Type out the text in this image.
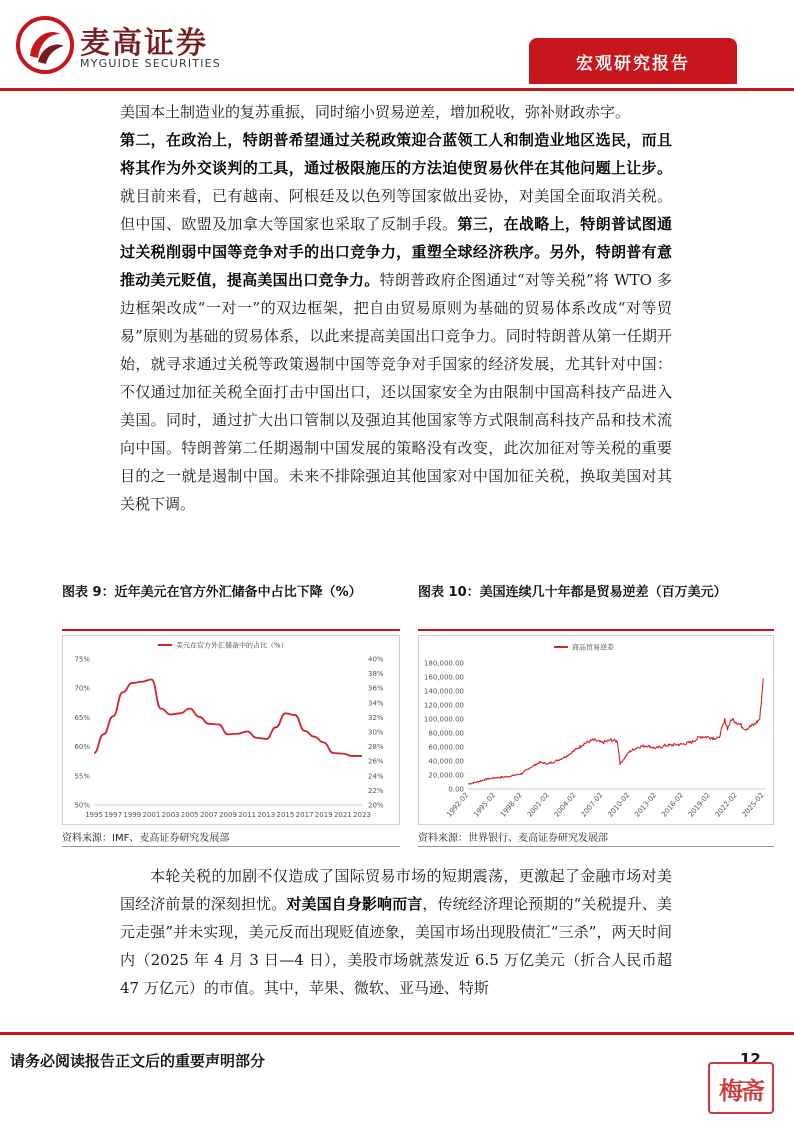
麦高证券
MYGUIDE SECURITIES	宏观研究报告
美国本土制造业的复苏重振，同时缩小贸易逆差，增加税收，弥补财政赤字。
第二，在政治上，特朗普希望通过关税政策迎合蓝领工人和制造业地区选民，而且将其作为外交谈判的工具，通过极限施压的方法迫使贸易伙伴在其他问题上让步。就目前来看，已有越南、阿根廷及以色列等国家做出妥协，对美国全面取消关税。但中国、欧盟及加拿大等国家也采取了反制手段。第三，在战略上，特朗普试图通过关税削弱中国等竞争对手的出口竞争力，重塑全球经济秩序。另外，特朗普有意推动美元贬值，提高美国出口竞争力。特朗普政府企图通过“对等关税”将 WTO 多边框架改成“一对一”的双边框架，把自由贸易原则为基础的贸易体系改成“对等贸易”原则为基础的贸易体系，以此来提高美国出口竞争力。同时特朗普从第一任期开始，就寻求通过关税等政策遏制中国等竞争对手国家的经济发展，尤其针对中国：不仅通过加征关税全面打击中国出口，还以国家安全为由限制中国高科技产品进入美国。同时，通过扩大出口管制以及强迫其他国家等方式限制高科技产品和技术流向中国。特朗普第二任期遏制中国发展的策略没有改变，此次加征对等关税的重要目的之一就是遏制中国。未来不排除强迫其他国家对中国加征关税，换取美国对其关税下调。
图表 9：近年美元在官方外汇储备中占比下降（%）	图表 10：美国连续几十年都是贸易逆差（百万美元）
75%
70%
65%
60%
55%
50%
40%
38%
36%
34%
32%
30%
28%
26%
24%
22%
20%
1995 1997 1999 2001 2003 2005 2007 2009 2011 2013 2015 2017 2019 2021 2023
美元在官方外汇储备中的占比（%）
180,000.00
160,000.00
140,000.00
120,000.00
100,000.00
80,000.00
60,000.00
40,000.00
20,000.00
0.00
1992-02 1995-02 1998-02 2001-02 2004-02 2007-02 2010-02 2013-02 2016-02 2019-02 2022-02 2025-02
商品贸易逆差
资料来源：IMF、麦高证券研究发展部	资料来源：世界银行、麦高证券研究发展部
本轮关税的加剧不仅造成了国际贸易市场的短期震荡，更激起了金融市场对美国经济前景的深刻担忧。对美国自身影响而言，传统经济理论预期的“关税提升、美元走强”并未实现，美元反而出现贬值迹象，美国市场出现股债汇“三杀”，两天时间内（2025 年 4 月 3 日—4 日），美股市场就蒸发近 6.5 万亿美元（折合人民币超 47 万亿元）的市值。其中，苹果、微软、亚马逊、特斯
请务必阅读报告正文后的重要声明部分	12
梅斋
